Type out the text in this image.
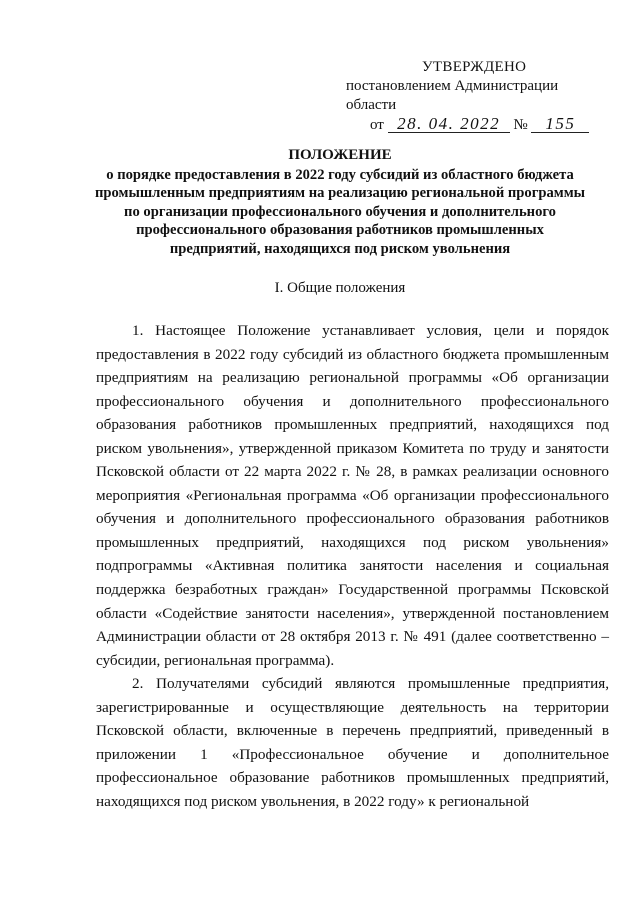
УТВЕРЖДЕНО
постановлением Администрации области
от 28. 04. 2022 № 155
ПОЛОЖЕНИЕ
о порядке предоставления в 2022 году субсидий из областного бюджета
промышленным предприятиям на реализацию региональной программы
по организации профессионального обучения и дополнительного
профессионального образования работников промышленных
предприятий, находящихся под риском увольнения
I. Общие положения

1. Настоящее Положение устанавливает условия, цели и порядок предоставления в 2022 году субсидий из областного бюджета промышленным предприятиям на реализацию региональной программы «Об организации профессионального обучения и дополнительного профессионального образования работников промышленных предприятий, находящихся под риском увольнения», утвержденной приказом Комитета по труду и занятости Псковской области от 22 марта 2022 г. № 28, в рамках реализации основного мероприятия «Региональная программа «Об организации профессионального обучения и дополнительного профессионального образования работников промышленных предприятий, находящихся под риском увольнения» подпрограммы «Активная политика занятости населения и социальная поддержка безработных граждан» Государственной программы Псковской области «Содействие занятости населения», утвержденной постановлением Администрации области от 28 октября 2013 г. № 491 (далее соответственно – субсидии, региональная программа).

2. Получателями субсидий являются промышленные предприятия, зарегистрированные и осуществляющие деятельность на территории Псковской области, включенные в перечень предприятий, приведенный в приложении 1 «Профессиональное обучение и дополнительное профессиональное образование работников промышленных предприятий, находящихся под риском увольнения, в 2022 году» к региональной
